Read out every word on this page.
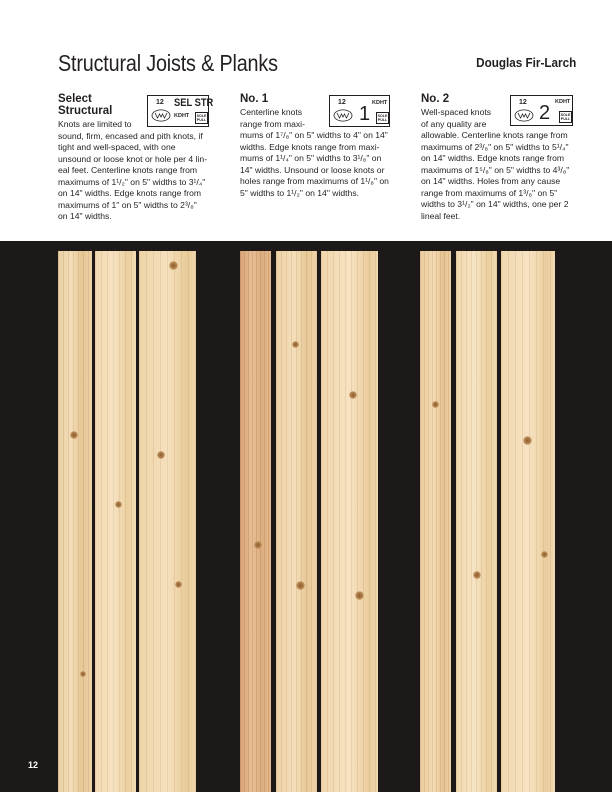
Structural Joists & Planks	Douglas Fir-Larch

Select
Structural

Knots are limited to
sound, firm, encased and pith knots, if
tight and well-spaced, with one
unsound or loose knot or hole per 4 lin-
eal feet. Centerline knots range from
maximums of 1¹/₂" on 5" widths to 3¹/₄"
on 14" widths. Edge knots range from
maximums of 1" on 5" widths to 2³/₈"
on 14" widths.

12 SEL STR
KDHT	SOLE PULL

No. 1

Centerline knots
range from maxi-
mums of 1⁷/₈" on 5" widths to 4" on 14"
widths. Edge knots range from maxi-
mums of 1¹/₄" on 5" widths to 3¹/₈" on
14" widths. Unsound or loose knots or
holes range from maximums of 1¹/₈" on
5" widths to 1¹/₂" on 14" widths.

12
1 KDHT
SOLE PULL

No. 2

Well-spaced knots
of any quality are
allowable. Centerline knots range from
maximums of 2³/₈" on 5" widths to 5¹/₄"
on 14" widths. Edge knots range from
maximums of 1⁵/₈" on 5" widths to 4³/₈"
on 14" widths. Holes from any cause
range from maximums of 1³/₈" on 5"
widths to 3¹/₂" on 14" widths, one per 2
lineal feet.

12 2 KDHT
SOLE PULL
12
